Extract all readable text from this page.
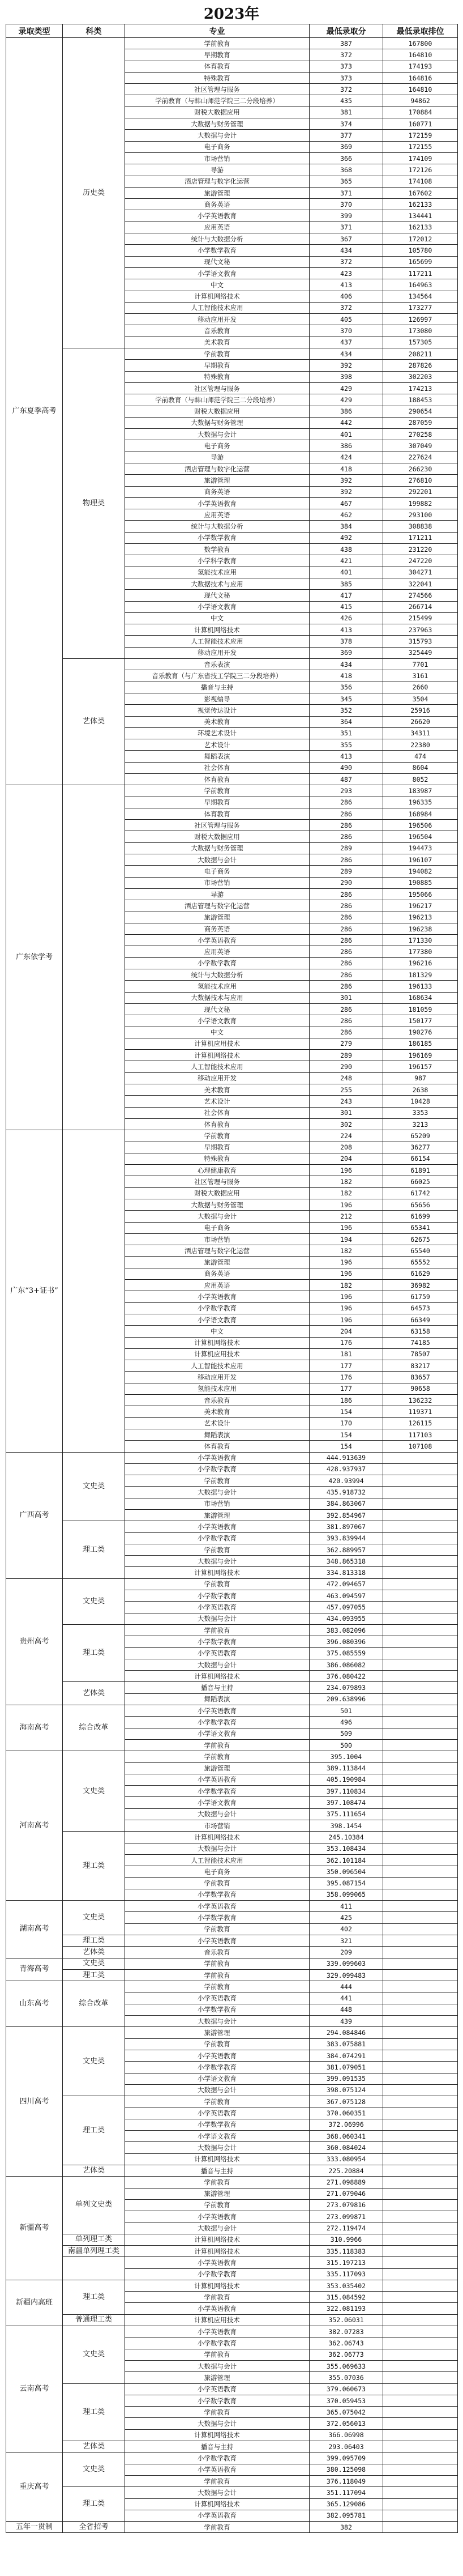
2023年
录取类型	科类	专业	最低录取分	最低录取排位
广东夏季高考	历史类	学前教育	387	167800
		早期教育	372	164810
		体育教育	373	174193
		特殊教育	373	164816
		社区管理与服务	372	164810
		学前教育（与韩山师范学院三二分段培养）	435	94862
		财税大数据应用	381	170884
		大数据与财务管理	374	160771
		大数据与会计	377	172159
		电子商务	369	172155
		市场营销	366	174109
		导游	368	172126
		酒店管理与数字化运营	365	174108
		旅游管理	371	167602
		商务英语	370	162133
		小学英语教育	399	134441
		应用英语	371	162133
		统计与大数据分析	367	172012
		小学数学教育	434	105780
		现代文秘	372	165699
		小学语文教育	423	117211
		中文	413	164963
		计算机网络技术	406	134564
		人工智能技术应用	372	173277
		移动应用开发	405	126997
		音乐教育	370	173080
		美术教育	437	157305
	物理类	学前教育	434	208211
		早期教育	392	287826
		特殊教育	398	302203
		社区管理与服务	429	174213
		学前教育（与韩山师范学院三二分段培养）	429	188453
		财税大数据应用	386	290654
		大数据与财务管理	442	287059
		大数据与会计	401	270258
		电子商务	386	307049
		导游	424	227624
		酒店管理与数字化运营	418	266230
		旅游管理	392	276810
		商务英语	392	292201
		小学英语教育	467	199882
		应用英语	462	293100
		统计与大数据分析	384	308838
		小学数学教育	492	171211
		数学教育	438	231220
		小学科学教育	421	247220
		氢能技术应用	401	304271
		大数据技术与应用	385	322041
		现代文秘	417	274566
		小学语文教育	415	266714
		中文	426	215499
		计算机网络技术	413	237963
		人工智能技术应用	378	315793
		移动应用开发	369	325449
	艺体类	音乐表演	434	7701
		音乐教育（与广东省技工学院三二分段培养）	418	3161
		播音与主持	356	2660
		影视编导	345	3504
		视觉传达设计	352	25916
		美术教育	364	26620
		环境艺术设计	351	34311
		艺术设计	355	22380
		舞蹈表演	413	474
		社会体育	490	8604
		体育教育	487	8052
广东依学考		学前教育	293	183987
		早期教育	286	196335
		体育教育	286	168984
		社区管理与服务	286	196506
		财税大数据应用	286	196504
		大数据与财务管理	289	194473
		大数据与会计	286	196107
		电子商务	289	194082
		市场营销	290	190885
		导游	286	195066
		酒店管理与数字化运营	286	196217
		旅游管理	286	196213
		商务英语	286	196238
		小学英语教育	286	171330
		应用英语	286	177380
		小学数学教育	286	196216
		统计与大数据分析	286	181329
		氢能技术应用	286	196133
		大数据技术与应用	301	168634
		现代文秘	286	181059
		小学语文教育	286	150177
		中文	286	190276
		计算机应用技术	279	186185
		计算机网络技术	289	196169
		人工智能技术应用	290	196157
		移动应用开发	248	987
		美术教育	255	2638
		艺术设计	243	10428
		社会体育	301	3353
		体育教育	302	3213
广东“3+证书”		学前教育	224	65209
		早期教育	208	36277
		特殊教育	204	66154
		心理健康教育	196	61891
		社区管理与服务	182	66025
		财税大数据应用	182	61742
		大数据与财务管理	196	65656
		大数据与会计	212	61699
		电子商务	196	65341
		市场营销	194	62675
		酒店管理与数字化运营	182	65540
		旅游管理	196	65552
		商务英语	196	61629
		应用英语	182	36982
		小学英语教育	196	61759
		小学数学教育	196	64573
		小学语文教育	196	66349
		中文	204	63158
		计算机网络技术	176	74185
		计算机应用技术	181	78507
		人工智能技术应用	177	83217
		移动应用开发	176	83657
		氢能技术应用	177	90658
		音乐教育	186	136232
		美术教育	154	119371
		艺术设计	170	126115
		舞蹈表演	154	117103
		体育教育	154	107108
广西高考	文史类	小学英语教育	444.913639	
		小学数学教育	428.937937	
		学前教育	420.93994	
		大数据与会计	435.918732	
		市场营销	384.863067	
		旅游管理	392.854967	
	理工类	小学英语教育	381.897067	
		小学数学教育	393.839944	
		学前教育	362.889957	
		大数据与会计	348.865318	
		计算机网络技术	334.813318	
贵州高考	文史类	学前教育	472.094657	
		小学数学教育	463.094597	
		小学英语教育	457.097055	
		大数据与会计	434.093955	
	理工类	学前教育	383.082096	
		小学数学教育	396.080396	
		小学英语教育	375.085559	
		大数据与会计	386.086082	
		计算机网络技术	376.080422	
	艺体类	播音与主持	234.079893	
		舞蹈表演	209.638996	
海南高考	综合改革	小学英语教育	501	
		小学数学教育	496	
		小学语文教育	509	
		学前教育	500	
河南高考	文史类	学前教育	395.1004	
		旅游管理	389.113844	
		小学英语教育	405.190984	
		小学数学教育	397.110834	
		小学语文教育	397.108474	
		大数据与会计	375.111654	
		市场营销	398.1454	
	理工类	计算机网络技术	245.10384	
		大数据与会计	353.108434	
		人工智能技术应用	362.101184	
		电子商务	350.096504	
		学前教育	395.087154	
		小学数学教育	358.099065	
湖南高考	文史类	小学英语教育	411	
		小学数学教育	425	
		学前教育	402	
	理工类	小学英语教育	321	
	艺体类	音乐教育	209	
青海高考	文史类	学前教育	339.099603	
	理工类	学前教育	329.099483	
山东高考	综合改革	学前教育	444	
		小学英语教育	441	
		小学数学教育	448	
		大数据与会计	439	
四川高考	文史类	旅游管理	294.084846	
		学前教育	383.075881	
		小学英语教育	384.074291	
		小学数学教育	381.079051	
		小学语文教育	399.091535	
		大数据与会计	398.075124	
	理工类	学前教育	367.075128	
		小学英语教育	370.060351	
		小学数学教育	372.06996	
		小学语文教育	368.060341	
		大数据与会计	360.084024	
		计算机网络技术	333.080954	
	艺体类	播音与主持	225.20884	
新疆高考	单列文史类	学前教育	271.098889	
		旅游管理	271.079046	
		学前教育	273.079816	
		小学英语教育	273.099871	
		大数据与会计	272.119474	
	单列理工类	计算机网络技术	310.9966	
	南疆单列理工类	计算机网络技术	335.118383	
		小学英语教育	315.197213	
		小学数学教育	335.117093	
新疆内高班	理工类	计算机网络技术	353.035402	
		学前教育	315.084592	
		小学英语教育	322.081193	
	普通理工类	计算机应用技术	352.06031	
云南高考	文史类	小学英语教育	382.07283	
		小学数学教育	362.06743	
		学前教育	362.06773	
		大数据与会计	355.069633	
		旅游管理	355.07036	
	理工类	小学英语教育	379.060673	
		小学数学教育	370.059453	
		学前教育	365.075042	
		大数据与会计	372.056013	
		计算机网络技术	366.06998	
	艺体类	播音与主持	293.06403	
重庆高考	文史类	小学数学教育	399.095709	
		小学英语教育	380.125098	
		学前教育	376.118049	
	理工类	大数据与会计	351.117094	
		计算机网络技术	365.129086	
		小学英语教育	382.095781	
五年一贯制	全省招考	学前教育	382	
